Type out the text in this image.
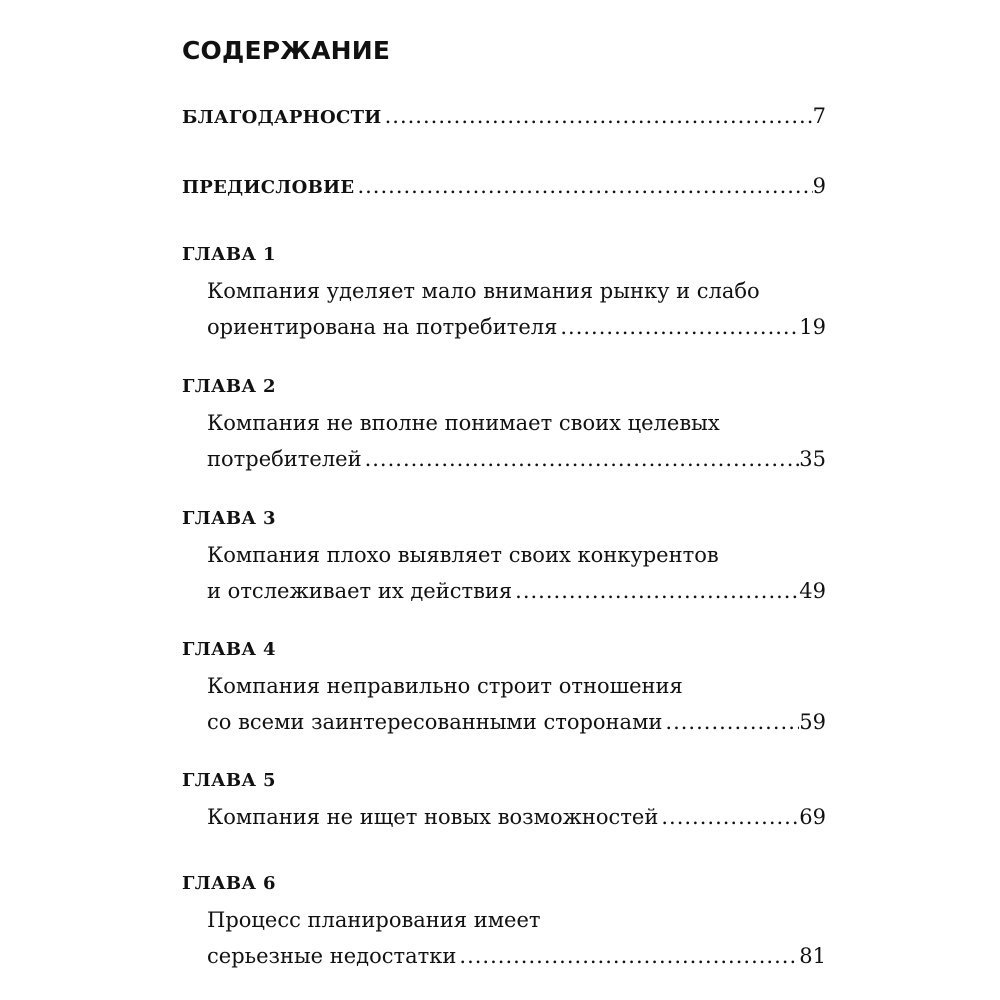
СОДЕРЖАНИЕ
БЛАГОДАРНОСТИ .....	7
ПРЕДИСЛОВИЕ .....	9
ГЛАВА 1
Компания уделяет мало внимания рынку и слабо
ориентирована на потребителя .....	19
ГЛАВА 2
Компания не вполне понимает своих целевых
потребителей .....	35
ГЛАВА 3
Компания плохо выявляет своих конкурентов
и отслеживает их действия .....	49
ГЛАВА 4
Компания неправильно строит отношения
со всеми заинтересованными сторонами .....	59
ГЛАВА 5
Компания не ищет новых возможностей .....	69
ГЛАВА 6
Процесс планирования имеет
серьезные недостатки .....	81
